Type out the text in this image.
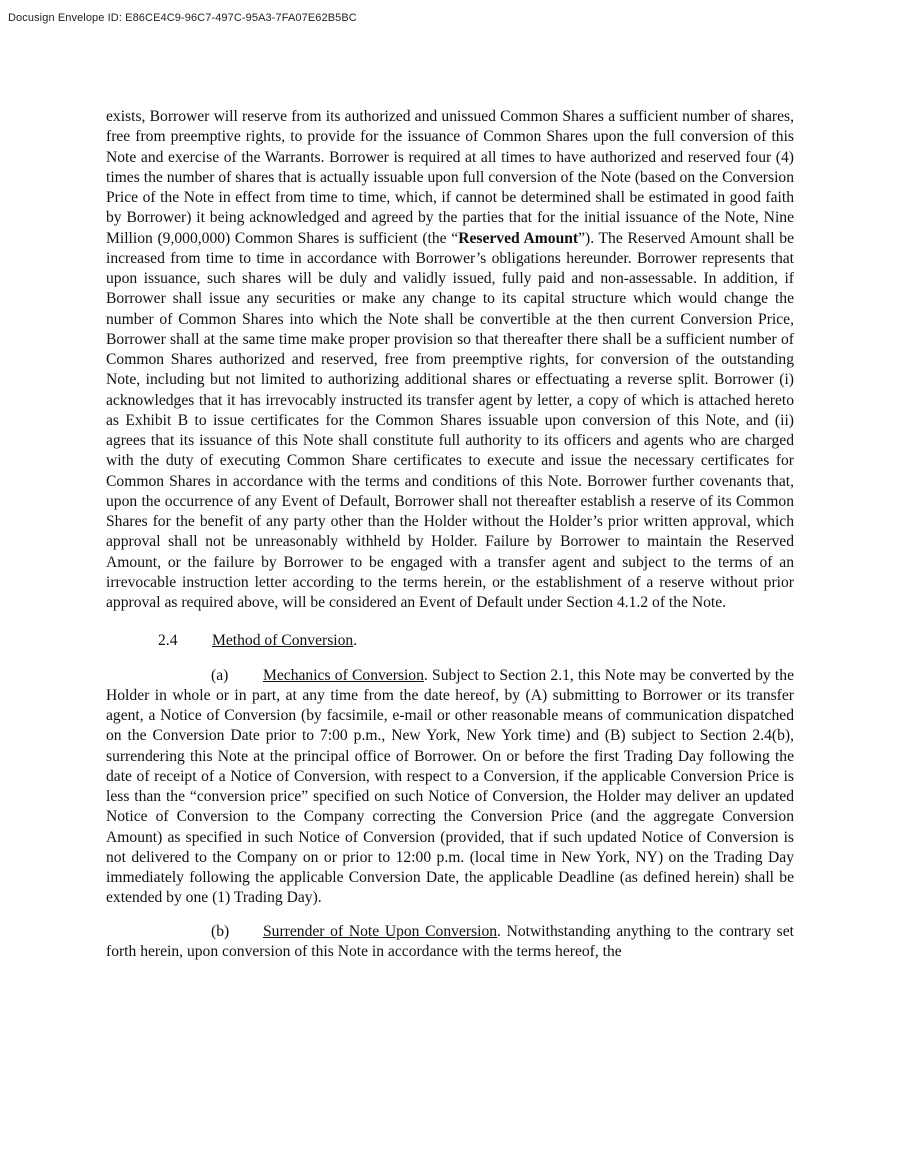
Docusign Envelope ID: E86CE4C9-96C7-497C-95A3-7FA07E62B5BC

exists, Borrower will reserve from its authorized and unissued Common Shares a sufficient number of shares, free from preemptive rights, to provide for the issuance of Common Shares upon the full conversion of this Note and exercise of the Warrants. Borrower is required at all times to have authorized and reserved four (4) times the number of shares that is actually issuable upon full conversion of the Note (based on the Conversion Price of the Note in effect from time to time, which, if cannot be determined shall be estimated in good faith by Borrower) it being acknowledged and agreed by the parties that for the initial issuance of the Note, Nine Million (9,000,000) Common Shares is sufficient (the “Reserved Amount”). The Reserved Amount shall be increased from time to time in accordance with Borrower’s obligations hereunder. Borrower represents that upon issuance, such shares will be duly and validly issued, fully paid and non-assessable. In addition, if Borrower shall issue any securities or make any change to its capital structure which would change the number of Common Shares into which the Note shall be convertible at the then current Conversion Price, Borrower shall at the same time make proper provision so that thereafter there shall be a sufficient number of Common Shares authorized and reserved, free from preemptive rights, for conversion of the outstanding Note, including but not limited to authorizing additional shares or effectuating a reverse split. Borrower (i) acknowledges that it has irrevocably instructed its transfer agent by letter, a copy of which is attached hereto as Exhibit B to issue certificates for the Common Shares issuable upon conversion of this Note, and (ii) agrees that its issuance of this Note shall constitute full authority to its officers and agents who are charged with the duty of executing Common Share certificates to execute and issue the necessary certificates for Common Shares in accordance with the terms and conditions of this Note. Borrower further covenants that, upon the occurrence of any Event of Default, Borrower shall not thereafter establish a reserve of its Common Shares for the benefit of any party other than the Holder without the Holder’s prior written approval, which approval shall not be unreasonably withheld by Holder. Failure by Borrower to maintain the Reserved Amount, or the failure by Borrower to be engaged with a transfer agent and subject to the terms of an irrevocable instruction letter according to the terms herein, or the establishment of a reserve without prior approval as required above, will be considered an Event of Default under Section 4.1.2 of the Note.

2.4 Method of Conversion.

(a) Mechanics of Conversion. Subject to Section 2.1, this Note may be converted by the Holder in whole or in part, at any time from the date hereof, by (A) submitting to Borrower or its transfer agent, a Notice of Conversion (by facsimile, e-mail or other reasonable means of communication dispatched on the Conversion Date prior to 7:00 p.m., New York, New York time) and (B) subject to Section 2.4(b), surrendering this Note at the principal office of Borrower. On or before the first Trading Day following the date of receipt of a Notice of Conversion, with respect to a Conversion, if the applicable Conversion Price is less than the “conversion price” specified on such Notice of Conversion, the Holder may deliver an updated Notice of Conversion to the Company correcting the Conversion Price (and the aggregate Conversion Amount) as specified in such Notice of Conversion (provided, that if such updated Notice of Conversion is not delivered to the Company on or prior to 12:00 p.m. (local time in New York, NY) on the Trading Day immediately following the applicable Conversion Date, the applicable Deadline (as defined herein) shall be extended by one (1) Trading Day).

(b) Surrender of Note Upon Conversion. Notwithstanding anything to the contrary set forth herein, upon conversion of this Note in accordance with the terms hereof, the
